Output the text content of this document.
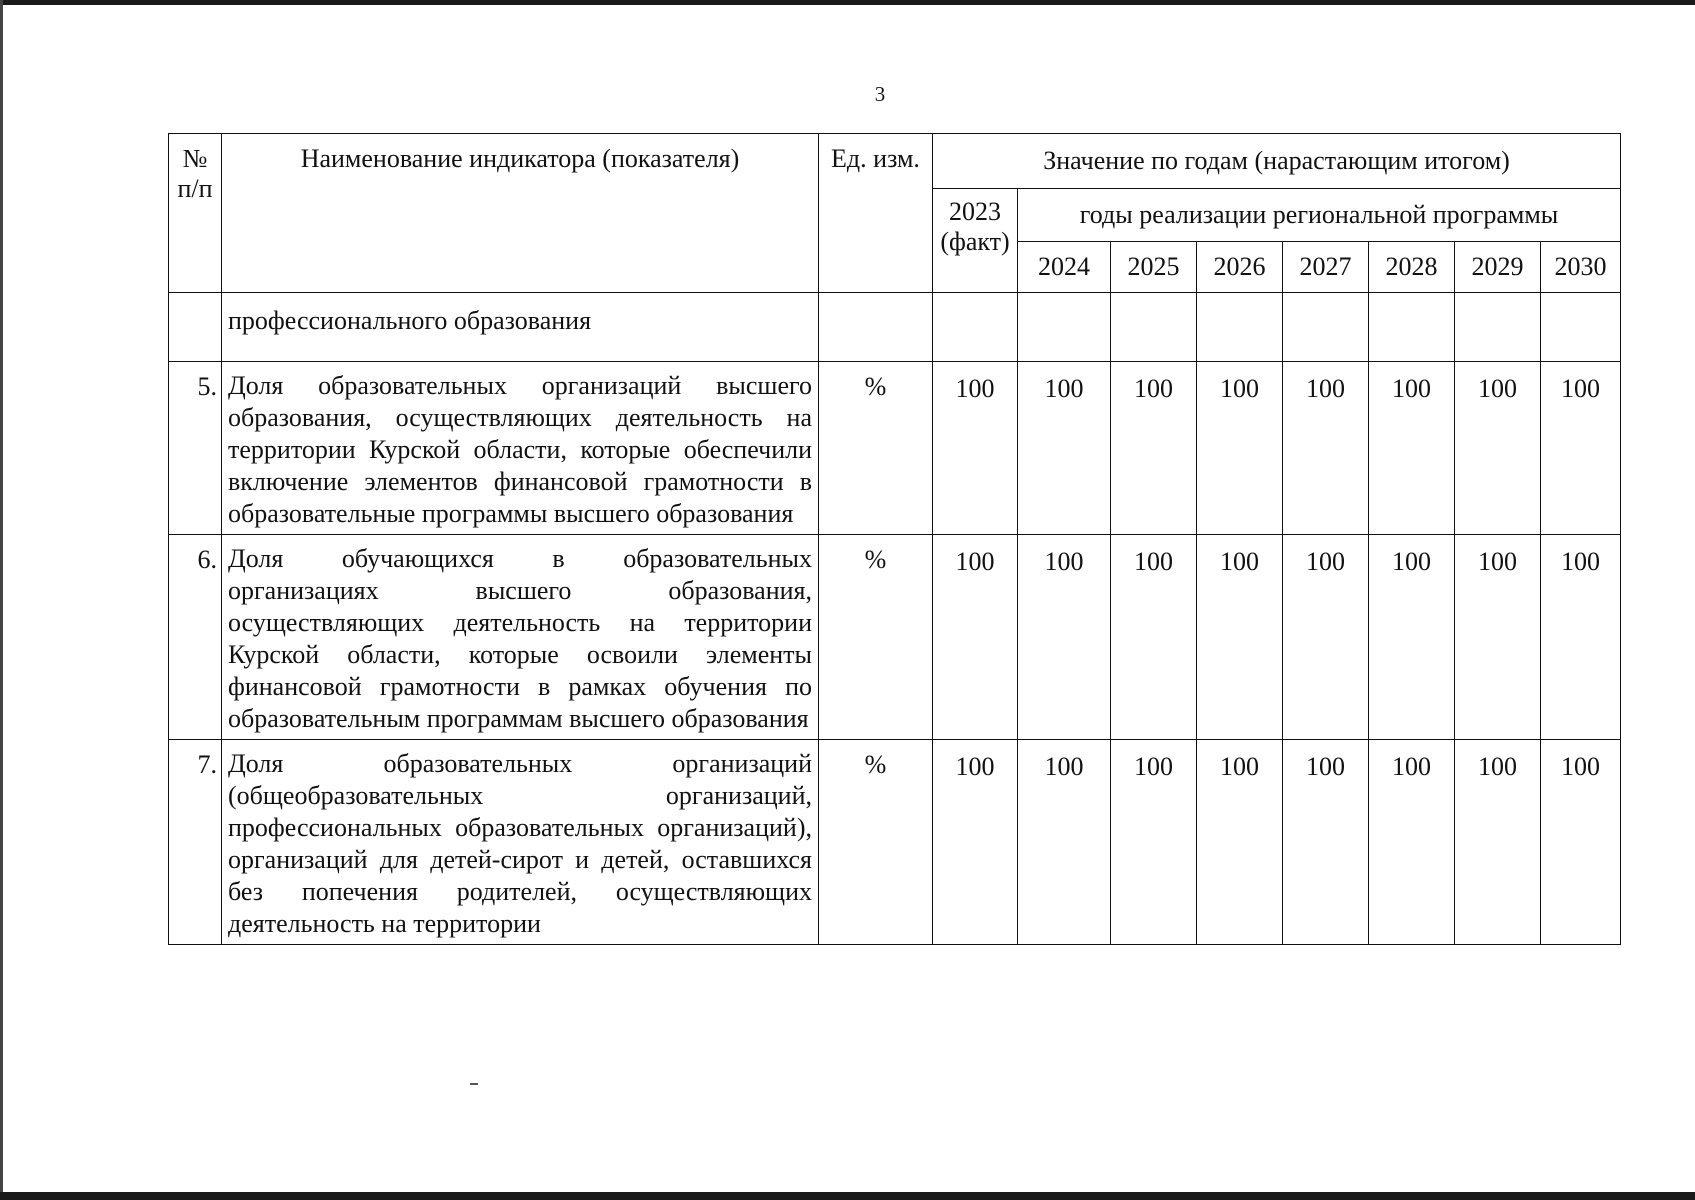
3
№ п/п	Наименование индикатора (показателя)	Ед. изм.	Значение по годам (нарастающим итогом)							
			2023 (факт)	годы реализации региональной программы						
				2024	2025	2026	2027	2028	2029	2030
	профессионального образования									
5.	Доля образовательных организаций высшего образования, осуществляющих деятельность на территории Курской области, которые обеспечили включение элементов финансовой грамотности в образовательные программы высшего образования	%	100	100	100	100	100	100	100	100
6.	Доля обучающихся в образовательных организациях высшего образования, осуществляющих деятельность на территории Курской области, которые освоили элементы финансовой грамотности в рамках обучения по образовательным программам высшего образования	%	100	100	100	100	100	100	100	100
7.	Доля образовательных организаций (общеобразовательных организаций, профессиональных образовательных организаций), организаций для детей-сирот и детей, оставшихся без попечения родителей, осуществляющих деятельность на территории	%	100	100	100	100	100	100	100	100
